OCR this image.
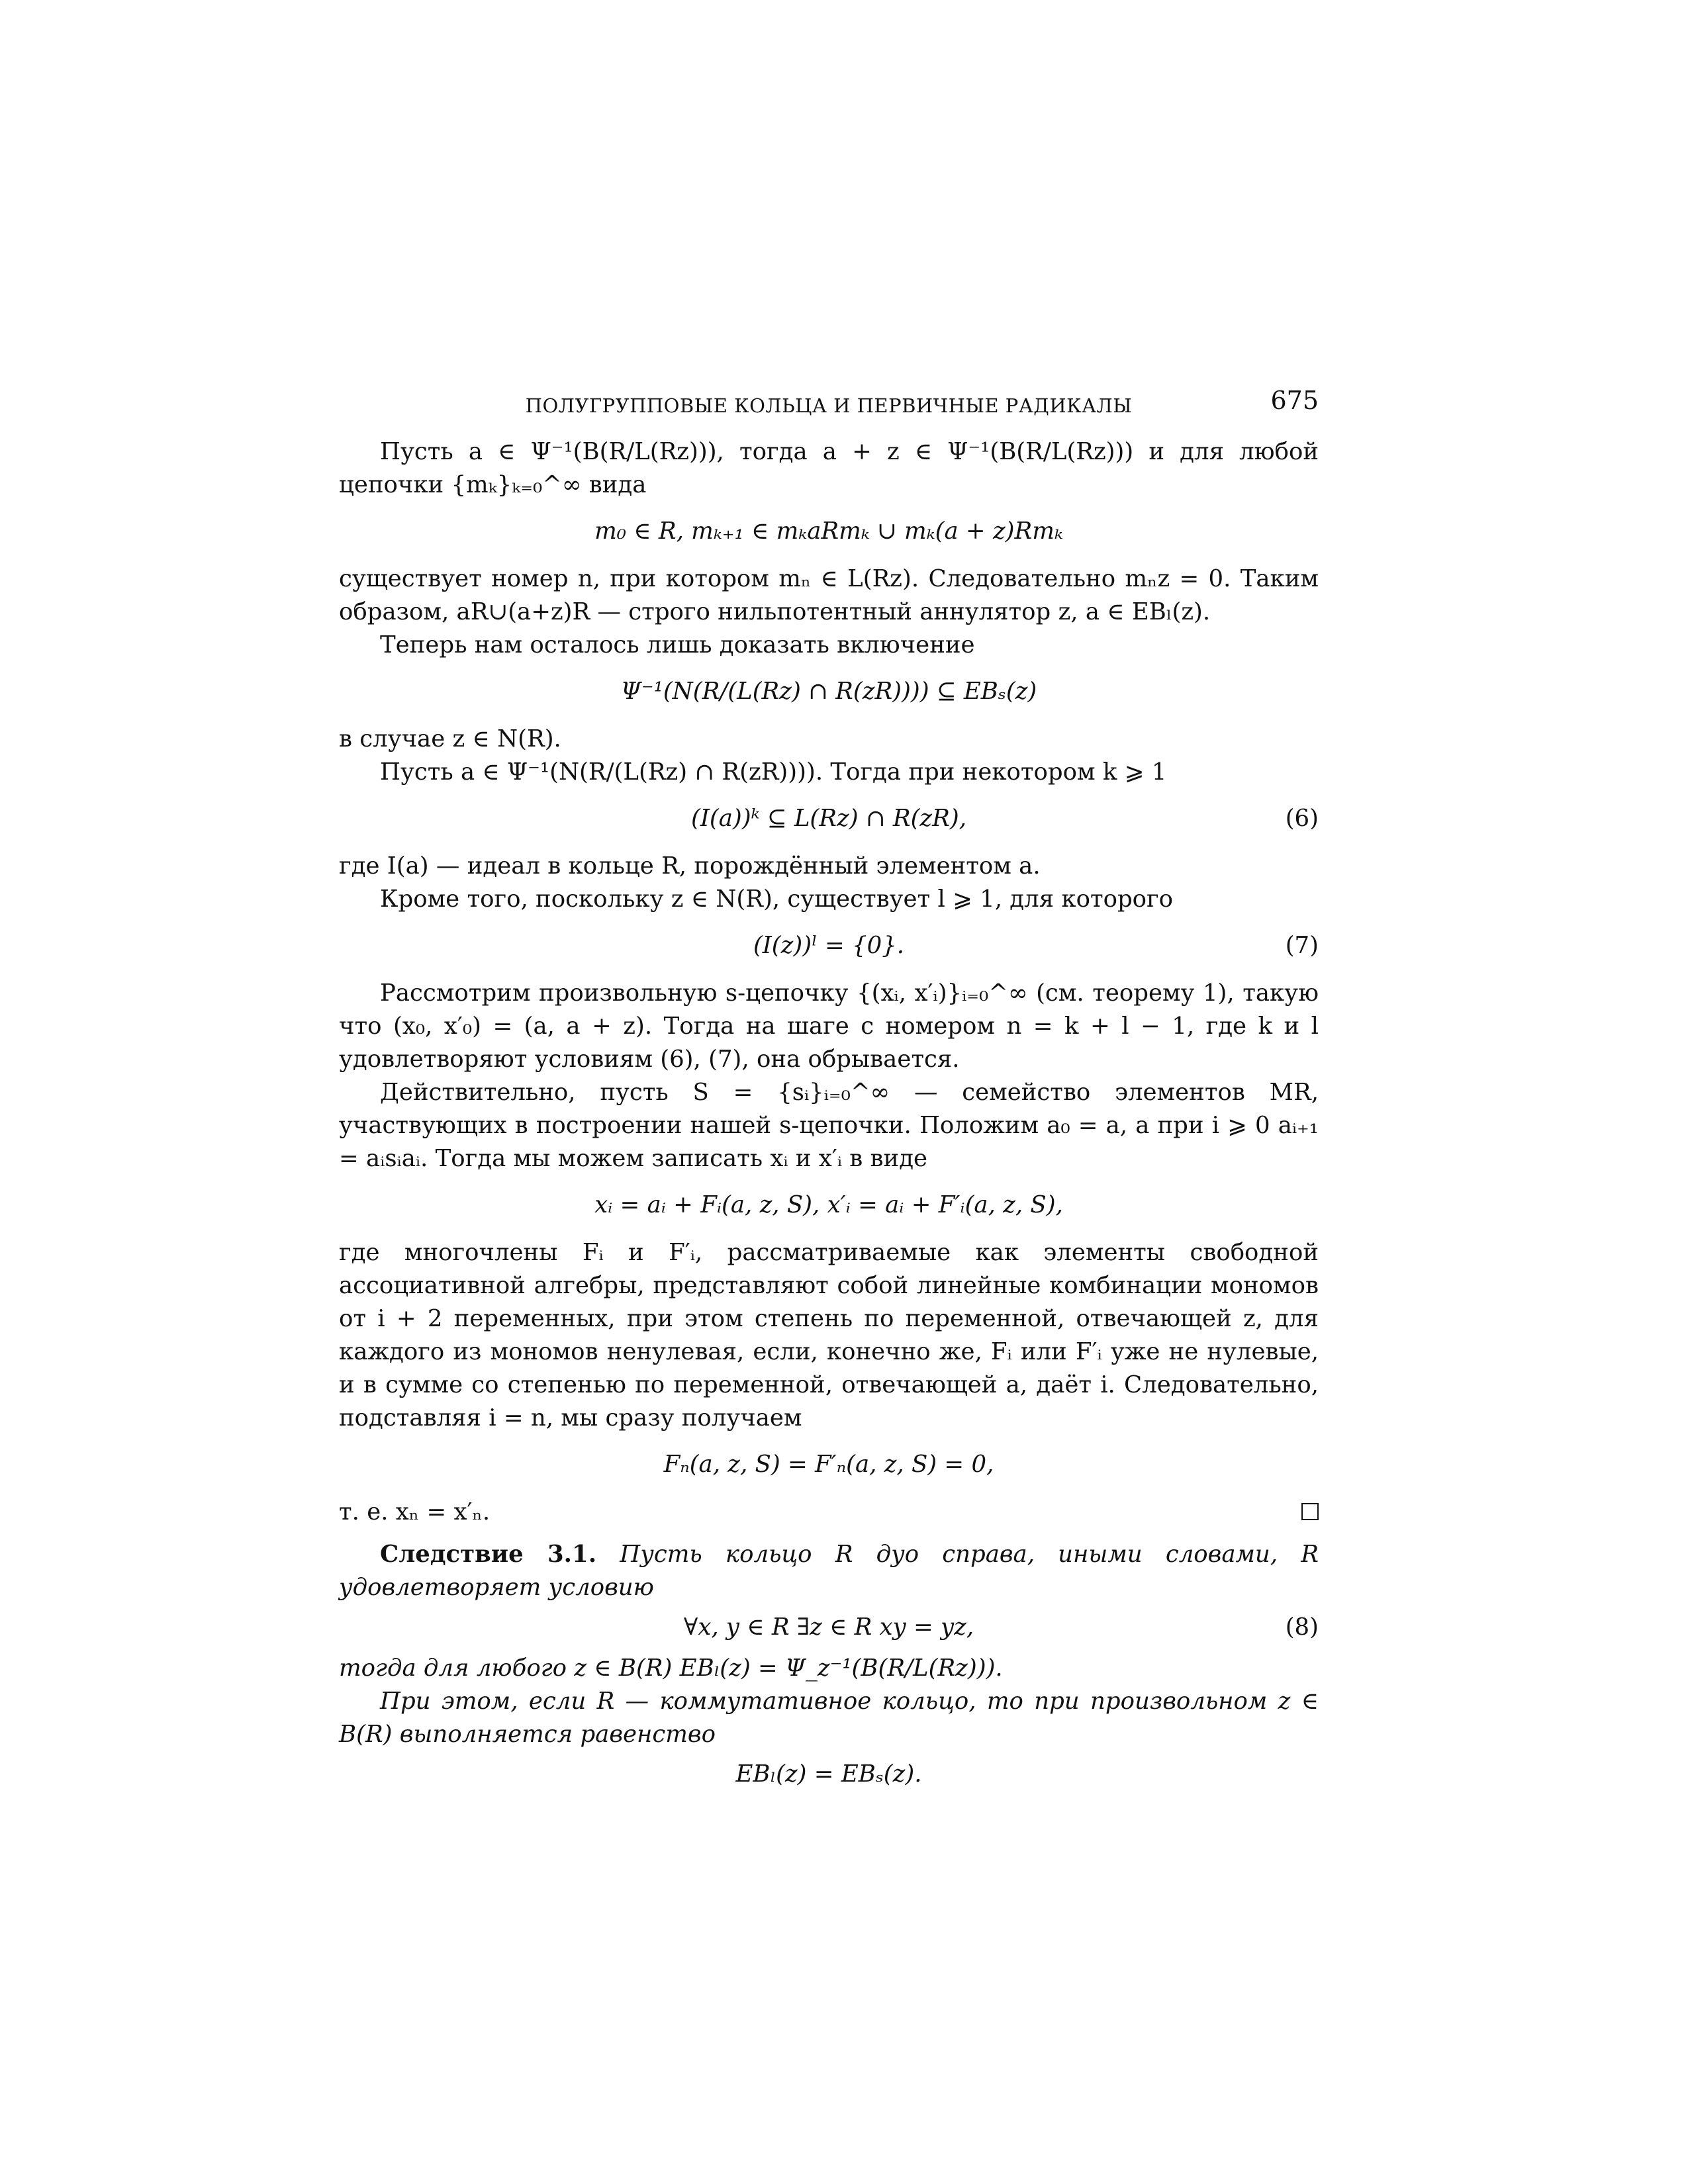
ПОЛУГРУППОВЫЕ КОЛЬЦА И ПЕРВИЧНЫЕ РАДИКАЛЫ	675

Пусть a ∈ Ψ⁻¹(B(R/L(Rz))), тогда a + z ∈ Ψ⁻¹(B(R/L(Rz))) и для любой цепочки {mₖ}ₖ₌₀^∞ вида

m₀ ∈ R, mₖ₊₁ ∈ mₖaRmₖ ∪ mₖ(a + z)Rmₖ

существует номер n, при котором mₙ ∈ L(Rz). Следовательно mₙz = 0. Таким образом, aR∪(a+z)R — строго нильпотентный аннулятор z, a ∈ EBₗ(z).

Теперь нам осталось лишь доказать включение

Ψ⁻¹(N(R/(L(Rz) ∩ R(zR)))) ⊆ EBₛ(z)

в случае z ∈ N(R).

Пусть a ∈ Ψ⁻¹(N(R/(L(Rz) ∩ R(zR)))). Тогда при некотором k ⩾ 1

(I(a))ᵏ ⊆ L(Rz) ∩ R(zR),	(6)

где I(a) — идеал в кольце R, порождённый элементом a.

Кроме того, поскольку z ∈ N(R), существует l ⩾ 1, для которого

(I(z))ˡ = {0}.	(7)

Рассмотрим произвольную s-цепочку {(xᵢ, x′ᵢ)}ᵢ₌₀^∞ (см. теорему 1), такую что (x₀, x′₀) = (a, a + z). Тогда на шаге с номером n = k + l − 1, где k и l удовлетворяют условиям (6), (7), она обрывается.

Действительно, пусть S = {sᵢ}ᵢ₌₀^∞ — семейство элементов MR, участвующих в построении нашей s-цепочки. Положим a₀ = a, а при i ⩾ 0 aᵢ₊₁ = aᵢsᵢaᵢ. Тогда мы можем записать xᵢ и x′ᵢ в виде

xᵢ = aᵢ + Fᵢ(a, z, S), x′ᵢ = aᵢ + F′ᵢ(a, z, S),

где многочлены Fᵢ и F′ᵢ, рассматриваемые как элементы свободной ассоциативной алгебры, представляют собой линейные комбинации мономов от i + 2 переменных, при этом степень по переменной, отвечающей z, для каждого из мономов ненулевая, если, конечно же, Fᵢ или F′ᵢ уже не нулевые, и в сумме со степенью по переменной, отвечающей a, даёт i. Следовательно, подставляя i = n, мы сразу получаем

Fₙ(a, z, S) = F′ₙ(a, z, S) = 0,

т. е. xₙ = x′ₙ.

Следствие 3.1. Пусть кольцо R дуо справа, иными словами, R удовлетворяет условию

∀x, y ∈ R ∃z ∈ R xy = yz,	(8)

тогда для любого z ∈ B(R) EBₗ(z) = Ψ_z⁻¹(B(R/L(Rz))).

При этом, если R — коммутативное кольцо, то при произвольном z ∈ B(R) выполняется равенство

EBₗ(z) = EBₛ(z).
